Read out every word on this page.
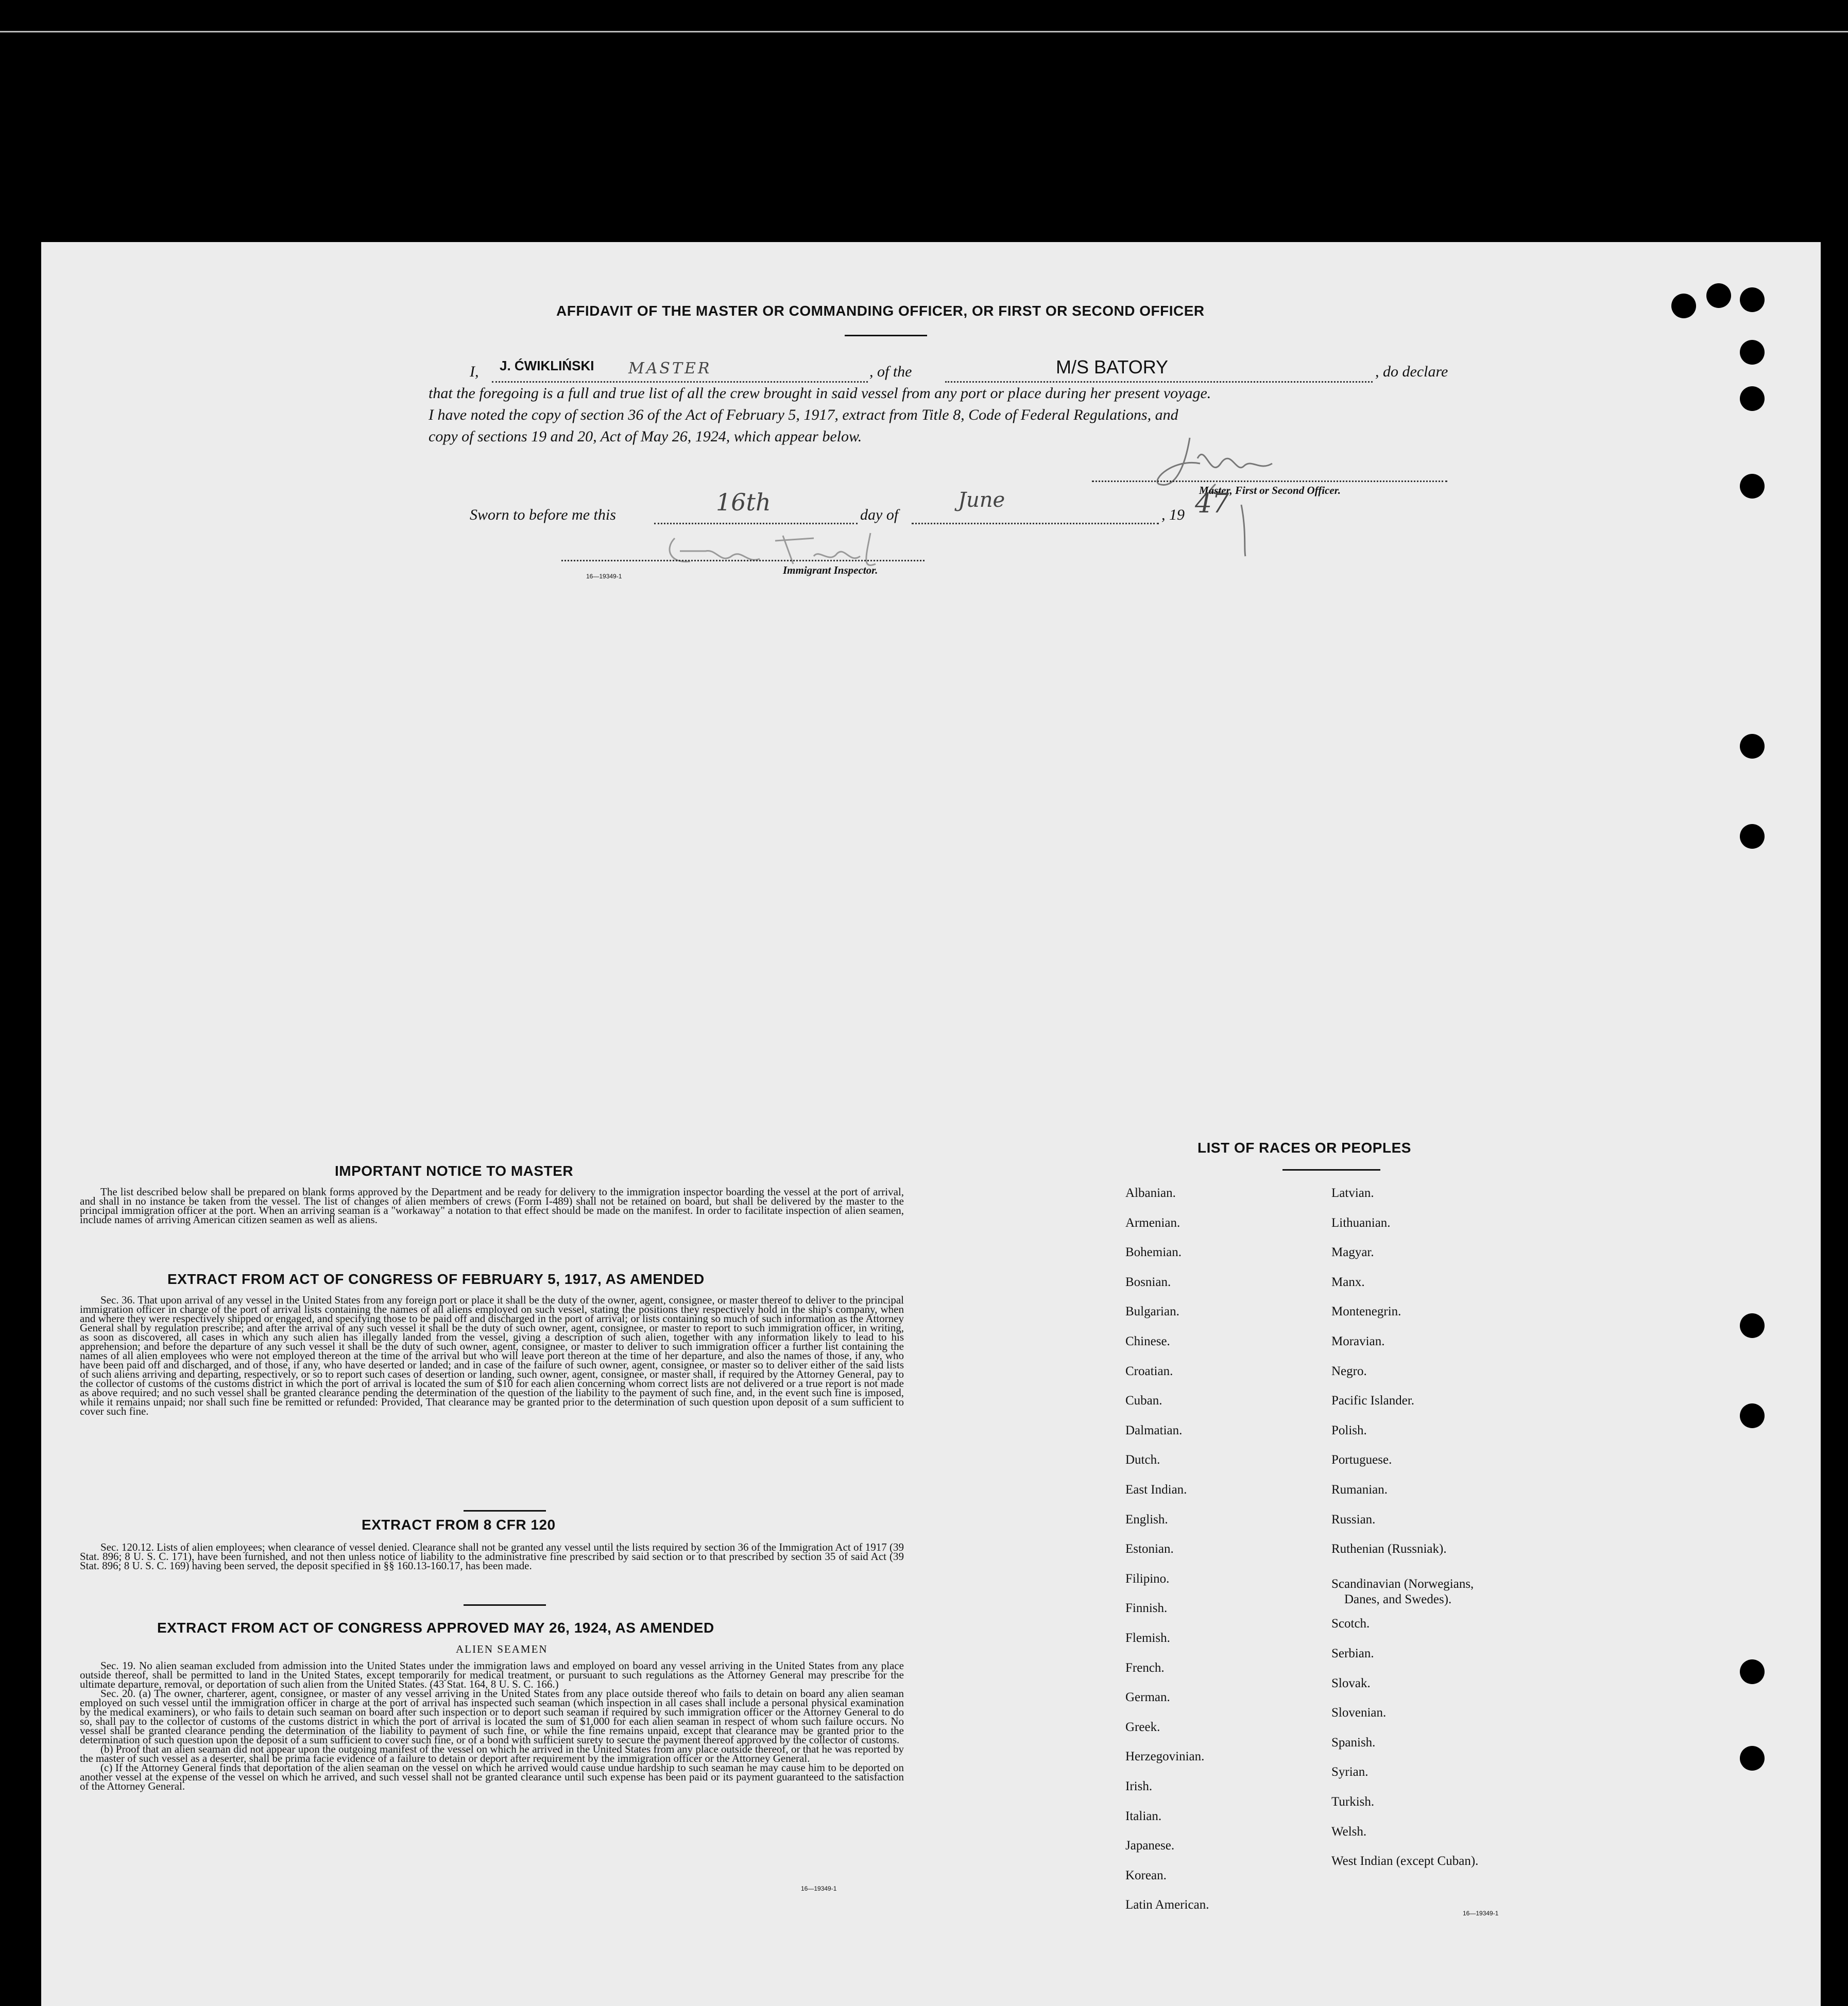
AFFIDAVIT OF THE MASTER OR COMMANDING OFFICER, OR FIRST OR SECOND OFFICER
I, J. ĆWIKLIŃSKI MASTER	, of the	M/S BATORY	, do declare
that the foregoing is a full and true list of all the crew brought in said vessel from any port or place during her present voyage.
I have noted the copy of section 36 of the Act of February 5, 1917, extract from Title 8, Code of Federal Regulations, and
copy of sections 19 and 20, Act of May 26, 1924, which appear below.
Master, First or Second Officer.
Sworn to before me this	16th	day of
June
, 19 47
Immigrant Inspector.
16—19349-1
IMPORTANT NOTICE TO MASTER

The list described below shall be prepared on blank forms approved by the Department and be ready for delivery to the immigration inspector boarding the vessel at the port of arrival, and shall in no instance be taken from the vessel. The list of changes of alien members of crews (Form I-489) shall not be retained on board, but shall be delivered by the master to the principal immigration officer at the port. When an arriving seaman is a "workaway" a notation to that effect should be made on the manifest. In order to facilitate inspection of alien seamen, include names of arriving American citizen seamen as well as aliens.

EXTRACT FROM ACT OF CONGRESS OF FEBRUARY 5, 1917, AS AMENDED

Sec. 36. That upon arrival of any vessel in the United States from any foreign port or place it shall be the duty of the owner, agent, consignee, or master thereof to deliver to the principal immigration officer in charge of the port of arrival lists containing the names of all aliens employed on such vessel, stating the positions they respectively hold in the ship's company, when and where they were respectively shipped or engaged, and specifying those to be paid off and discharged in the port of arrival; or lists containing so much of such information as the Attorney General shall by regulation prescribe; and after the arrival of any such vessel it shall be the duty of such owner, agent, consignee, or master to report to such immigration officer, in writing, as soon as discovered, all cases in which any such alien has illegally landed from the vessel, giving a description of such alien, together with any information likely to lead to his apprehension; and before the departure of any such vessel it shall be the duty of such owner, agent, consignee, or master to deliver to such immigration officer a further list containing the names of all alien employees who were not employed thereon at the time of the arrival but who will leave port thereon at the time of her departure, and also the names of those, if any, who have been paid off and discharged, and of those, if any, who have deserted or landed; and in case of the failure of such owner, agent, consignee, or master so to deliver either of the said lists of such aliens arriving and departing, respectively, or so to report such cases of desertion or landing, such owner, agent, consignee, or master shall, if required by the Attorney General, pay to the collector of customs of the customs district in which the port of arrival is located the sum of $10 for each alien concerning whom correct lists are not delivered or a true report is not made as above required; and no such vessel shall be granted clearance pending the determination of the question of the liability to the payment of such fine, and, in the event such fine is imposed, while it remains unpaid; nor shall such fine be remitted or refunded: Provided, That clearance may be granted prior to the determination of such question upon deposit of a sum sufficient to cover such fine.

EXTRACT FROM 8 CFR 120

Sec. 120.12. Lists of alien employees; when clearance of vessel denied. Clearance shall not be granted any vessel until the lists required by section 36 of the Immigration Act of 1917 (39 Stat. 896; 8 U. S. C. 171), have been furnished, and not then unless notice of liability to the administrative fine prescribed by said section or to that prescribed by section 35 of said Act (39 Stat. 896; 8 U. S. C. 169) having been served, the deposit specified in §§ 160.13-160.17, has been made.

EXTRACT FROM ACT OF CONGRESS APPROVED MAY 26, 1924, AS AMENDED
ALIEN SEAMEN

Sec. 19. No alien seaman excluded from admission into the United States under the immigration laws and employed on board any vessel arriving in the United States from any place outside thereof, shall be permitted to land in the United States, except temporarily for medical treatment, or pursuant to such regulations as the Attorney General may prescribe for the ultimate departure, removal, or deportation of such alien from the United States. (43 Stat. 164, 8 U. S. C. 166.)

Sec. 20. (a) The owner, charterer, agent, consignee, or master of any vessel arriving in the United States from any place outside thereof who fails to detain on board any alien seaman employed on such vessel until the immigration officer in charge at the port of arrival has inspected such seaman (which inspection in all cases shall include a personal physical examination by the medical examiners), or who fails to detain such seaman on board after such inspection or to deport such seaman if required by such immigration officer or the Attorney General to do so, shall pay to the collector of customs of the customs district in which the port of arrival is located the sum of $1,000 for each alien seaman in respect of whom such failure occurs. No vessel shall be granted clearance pending the determination of the liability to payment of such fine, or while the fine remains unpaid, except that clearance may be granted prior to the determination of such question upon the deposit of a sum sufficient to cover such fine, or of a bond with sufficient surety to secure the payment thereof approved by the collector of customs.

(b) Proof that an alien seaman did not appear upon the outgoing manifest of the vessel on which he arrived in the United States from any place outside thereof, or that he was reported by the master of such vessel as a deserter, shall be prima facie evidence of a failure to detain or deport after requirement by the immigration officer or the Attorney General.

(c) If the Attorney General finds that deportation of the alien seaman on the vessel on which he arrived would cause undue hardship to such seaman he may cause him to be deported on another vessel at the expense of the vessel on which he arrived, and such vessel shall not be granted clearance until such expense has been paid or its payment guaranteed to the satisfaction of the Attorney General.

16—19349-1
LIST OF RACES OR PEOPLES
Albanian.
Armenian.
Bohemian.
Bosnian.
Bulgarian.
Chinese.
Croatian.
Cuban.
Dalmatian.
Dutch.
East Indian.
English.
Estonian.
Filipino.
Finnish.
Flemish.
French.
German.
Greek.
Herzegovinian.
Irish.
Italian.
Japanese.
Korean.
Latin American.
Latvian.
Lithuanian.
Magyar.
Manx.
Montenegrin.
Moravian.
Negro.
Pacific Islander.
Polish.
Portuguese.
Rumanian.
Russian.
Ruthenian (Russniak).
Scandinavian (Norwegians,
Danes, and Swedes).
Scotch.
Serbian.
Slovak.
Slovenian.
Spanish.
Syrian.
Turkish.
Welsh.
West Indian (except Cuban).
16—19349-1
